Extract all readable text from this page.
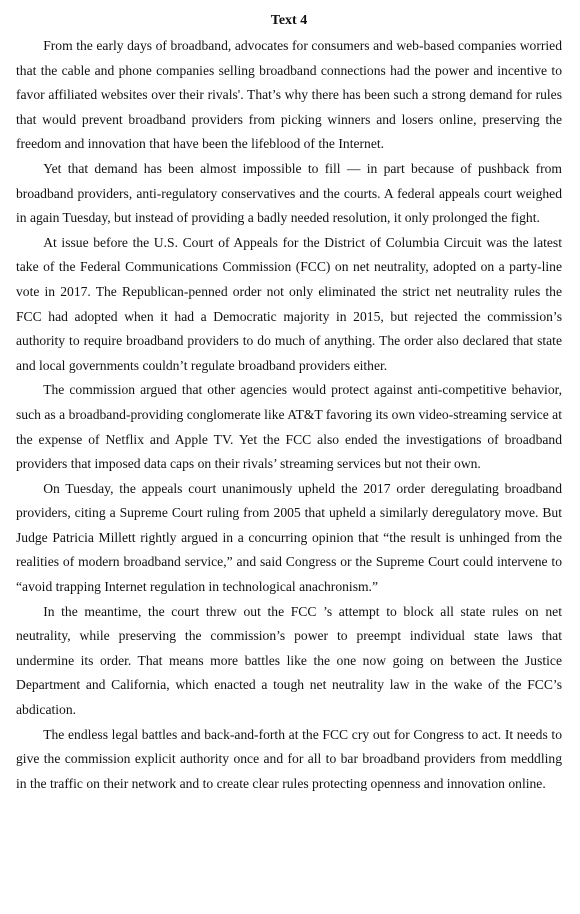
Text 4

From the early days of broadband, advocates for consumers and web-based companies worried that the cable and phone companies selling broadband connections had the power and incentive to favor affiliated websites over their rivals'. That’s why there has been such a strong demand for rules that would prevent broadband providers from picking winners and losers online, preserving the freedom and innovation that have been the lifeblood of the Internet.

Yet that demand has been almost impossible to fill — in part because of pushback from broadband providers, anti-regulatory conservatives and the courts. A federal appeals court weighed in again Tuesday, but instead of providing a badly needed resolution, it only prolonged the fight.

At issue before the U.S. Court of Appeals for the District of Columbia Circuit was the latest take of the Federal Communications Commission (FCC) on net neutrality, adopted on a party-line vote in 2017. The Republican-penned order not only eliminated the strict net neutrality rules the FCC had adopted when it had a Democratic majority in 2015, but rejected the commission’s authority to require broadband providers to do much of anything. The order also declared that state and local governments couldn’t regulate broadband providers either.

The commission argued that other agencies would protect against anti-competitive behavior, such as a broadband-providing conglomerate like AT&T favoring its own video-streaming service at the expense of Netflix and Apple TV. Yet the FCC also ended the investigations of broadband providers that imposed data caps on their rivals’ streaming services but not their own.

On Tuesday, the appeals court unanimously upheld the 2017 order deregulating broadband providers, citing a Supreme Court ruling from 2005 that upheld a similarly deregulatory move. But Judge Patricia Millett rightly argued in a concurring opinion that “the result is unhinged from the realities of modern broadband service,” and said Congress or the Supreme Court could intervene to “avoid trapping Internet regulation in technological anachronism.”

In the meantime, the court threw out the FCC ’s attempt to block all state rules on net neutrality, while preserving the commission’s power to preempt individual state laws that undermine its order. That means more battles like the one now going on between the Justice Department and California, which enacted a tough net neutrality law in the wake of the FCC’s abdication.

The endless legal battles and back-and-forth at the FCC cry out for Congress to act. It needs to give the commission explicit authority once and for all to bar broadband providers from meddling in the traffic on their network and to create clear rules protecting openness and innovation online.
